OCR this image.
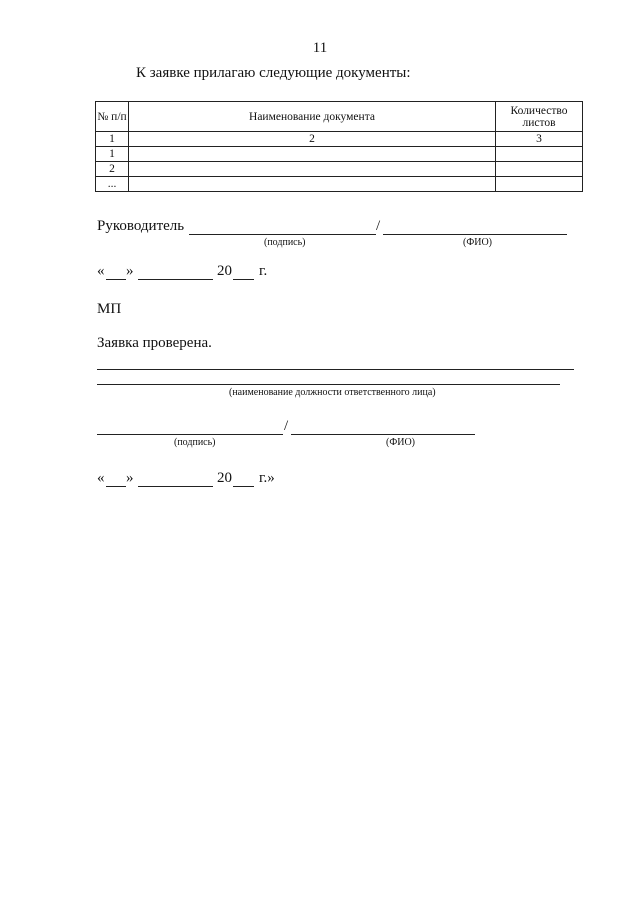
11
К заявке прилагаю следующие документы:
№ п/п	Наименование документа	Количество листов
1	2	3
1		
2		
...		
Руководитель	/
(подпись)	(ФИО)
« »	20 г.
МП
Заявка проверена.
(наименование должности ответственного лица)
/
(подпись)	(ФИО)
« »	20 г.»
